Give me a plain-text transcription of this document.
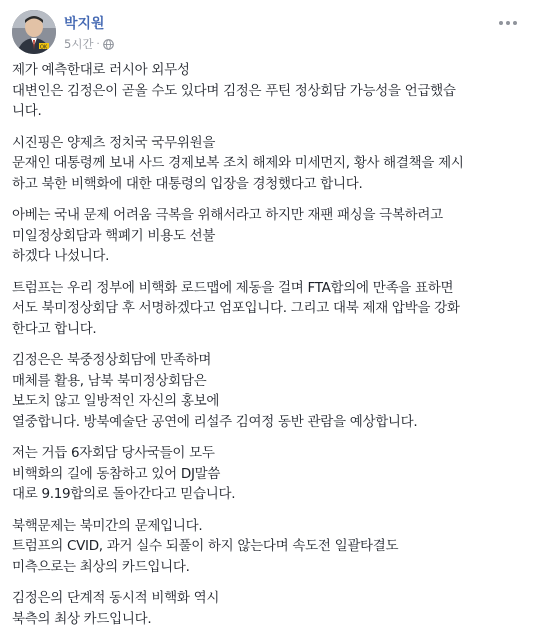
OK
박지원
5시간 ·
제가 예측한대로 러시아 외무성
대변인은 김정은이 곧올 수도 있다며 김정은 푸틴 정상회담 가능성을 언급했습
니다.
시진핑은 양제츠 정치국 국무위원을
문재인 대통령께 보내 사드 경제보복 조치 해제와 미세먼지, 황사 해결책을 제시
하고 북한 비핵화에 대한 대통령의 입장을 경청했다고 합니다.
아베는 국내 문제 어려움 극복을 위해서라고 하지만 재팬 패싱을 극복하려고
미일정상회담과 핵폐기 비용도 선불
하겠다 나섰니다.
트럼프는 우리 정부에 비핵화 로드맵에 제동을 걸며 FTA합의에 만족을 표하면
서도 북미정상회담 후 서명하겠다고 엄포입니다. 그리고 대북 제재 압박을 강화
한다고 합니다.
김정은은 북중정상회담에 만족하며
매체를 활용, 남북 북미정상회담은
보도치 않고 일방적인 자신의 홍보에
열중합니다. 방북예술단 공연에 리설주 김여정 동반 관람을 예상합니다.
저는 거듭 6자회담 당사국들이 모두
비핵화의 길에 동참하고 있어 DJ말씀
대로 9.19합의로 돌아간다고 믿습니다.
북핵문제는 북미간의 문제입니다.
트럼프의 CVID, 과거 실수 되풀이 하지 않는다며 속도전 일괄타결도
미측으로는 최상의 카드입니다.
김정은의 단계적 동시적 비핵화 역시
북측의 최상 카드입니다.
